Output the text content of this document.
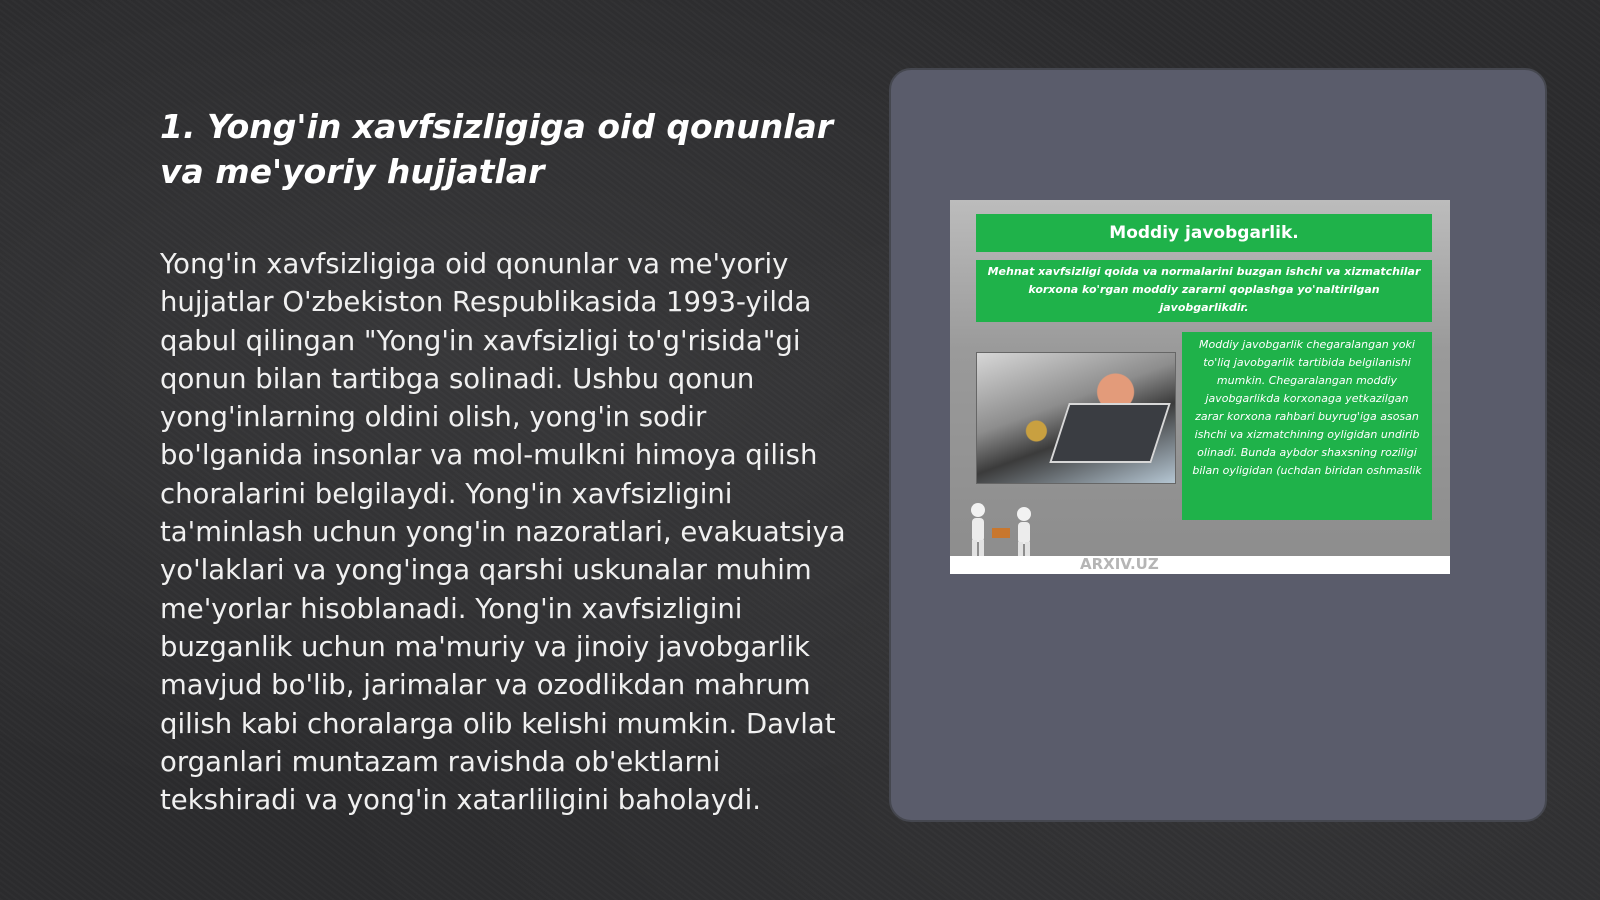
1. Yong'in xavfsizligiga oid qonunlar va me'yoriy hujjatlar

Yong'in xavfsizligiga oid qonunlar va me'yoriy hujjatlar O'zbekiston Respublikasida 1993-yilda qabul qilingan "Yong'in xavfsizligi to'g'risida"gi qonun bilan tartibga solinadi. Ushbu qonun yong'inlarning oldini olish, yong'in sodir bo'lganida insonlar va mol-mulkni himoya qilish choralarini belgilaydi. Yong'in xavfsizligini ta'minlash uchun yong'in nazoratlari, evakuatsiya yo'laklari va yong'inga qarshi uskunalar muhim me'yorlar hisoblanadi. Yong'in xavfsizligini buzganlik uchun ma'muriy va jinoiy javobgarlik mavjud bo'lib, jarimalar va ozodlikdan mahrum qilish kabi choralarga olib kelishi mumkin. Davlat organlari muntazam ravishda ob'ektlarni tekshiradi va yong'in xatarliligini baholaydi.

Moddiy javobgarlik.
Mehnat xavfsizligi qoida va normalarini buzgan ishchi va xizmatchilar korxona ko'rgan moddiy zararni qoplashga yo'naltirilgan javobgarlikdir.
Moddiy javobgarlik chegaralangan yoki to'liq javobgarlik tartibida belgilanishi mumkin. Chegaralangan moddiy javobgarlikda korxonaga yetkazilgan zarar korxona rahbari buyrug'iga asosan ishchi va xizmatchining oyligidan undirib olinadi. Bunda aybdor shaxsning roziligi bilan oyligidan (uchdan biridan oshmaslik
ARXIV.UZ
